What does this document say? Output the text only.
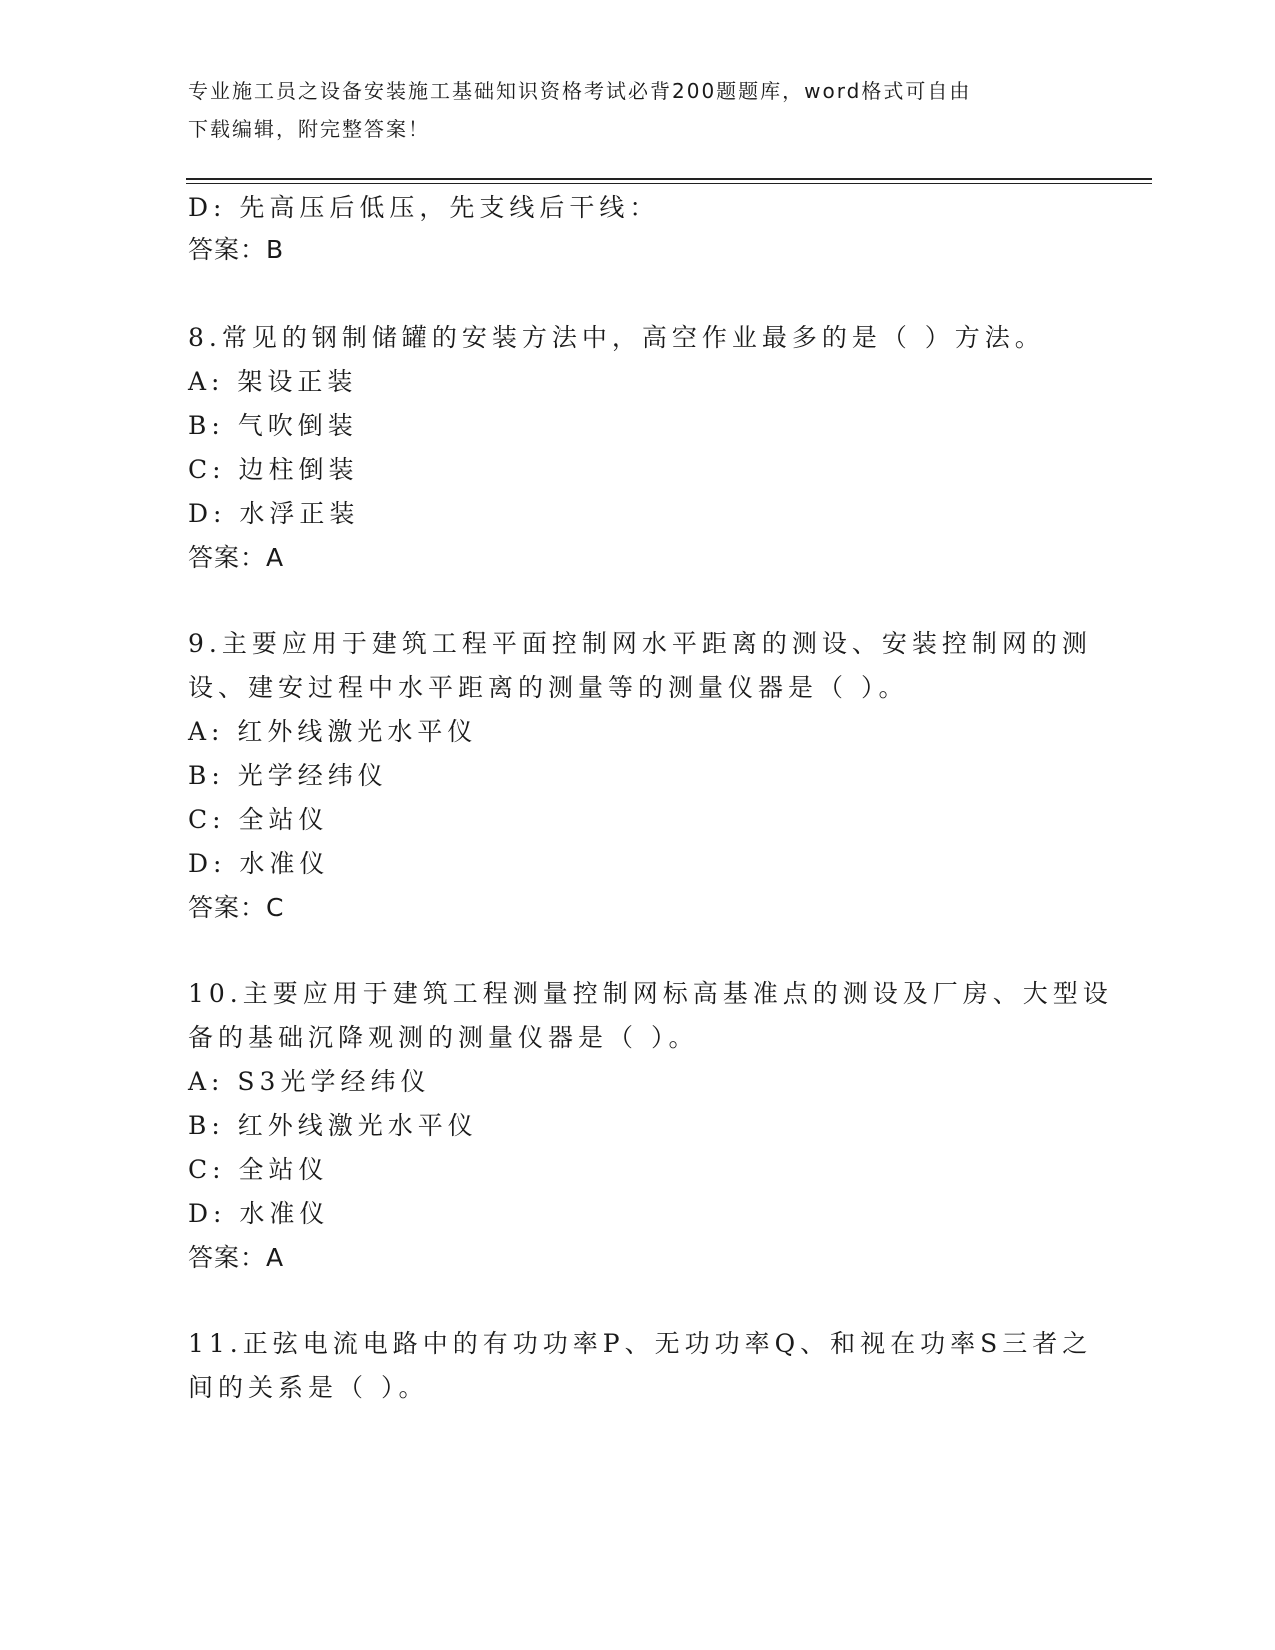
专业施工员之设备安装施工基础知识资格考试必背200题题库，word格式可自由
下载编辑，附完整答案！
D: 先高压后低压，先支线后干线：
答案：B
8.常见的钢制储罐的安装方法中，高空作业最多的是（ ）方法。
A: 架设正装
B: 气吹倒装
C: 边柱倒装
D: 水浮正装
答案：A
9.主要应用于建筑工程平面控制网水平距离的测设、安装控制网的测
设、建安过程中水平距离的测量等的测量仪器是（ ）。
A: 红外线激光水平仪
B: 光学经纬仪
C: 全站仪
D: 水准仪
答案：C
10.主要应用于建筑工程测量控制网标高基准点的测设及厂房、大型设
备的基础沉降观测的测量仪器是（ ）。
A: S3光学经纬仪
B: 红外线激光水平仪
C: 全站仪
D: 水准仪
答案：A
11.正弦电流电路中的有功功率P、无功功率Q、和视在功率S三者之
间的关系是（ ）。
